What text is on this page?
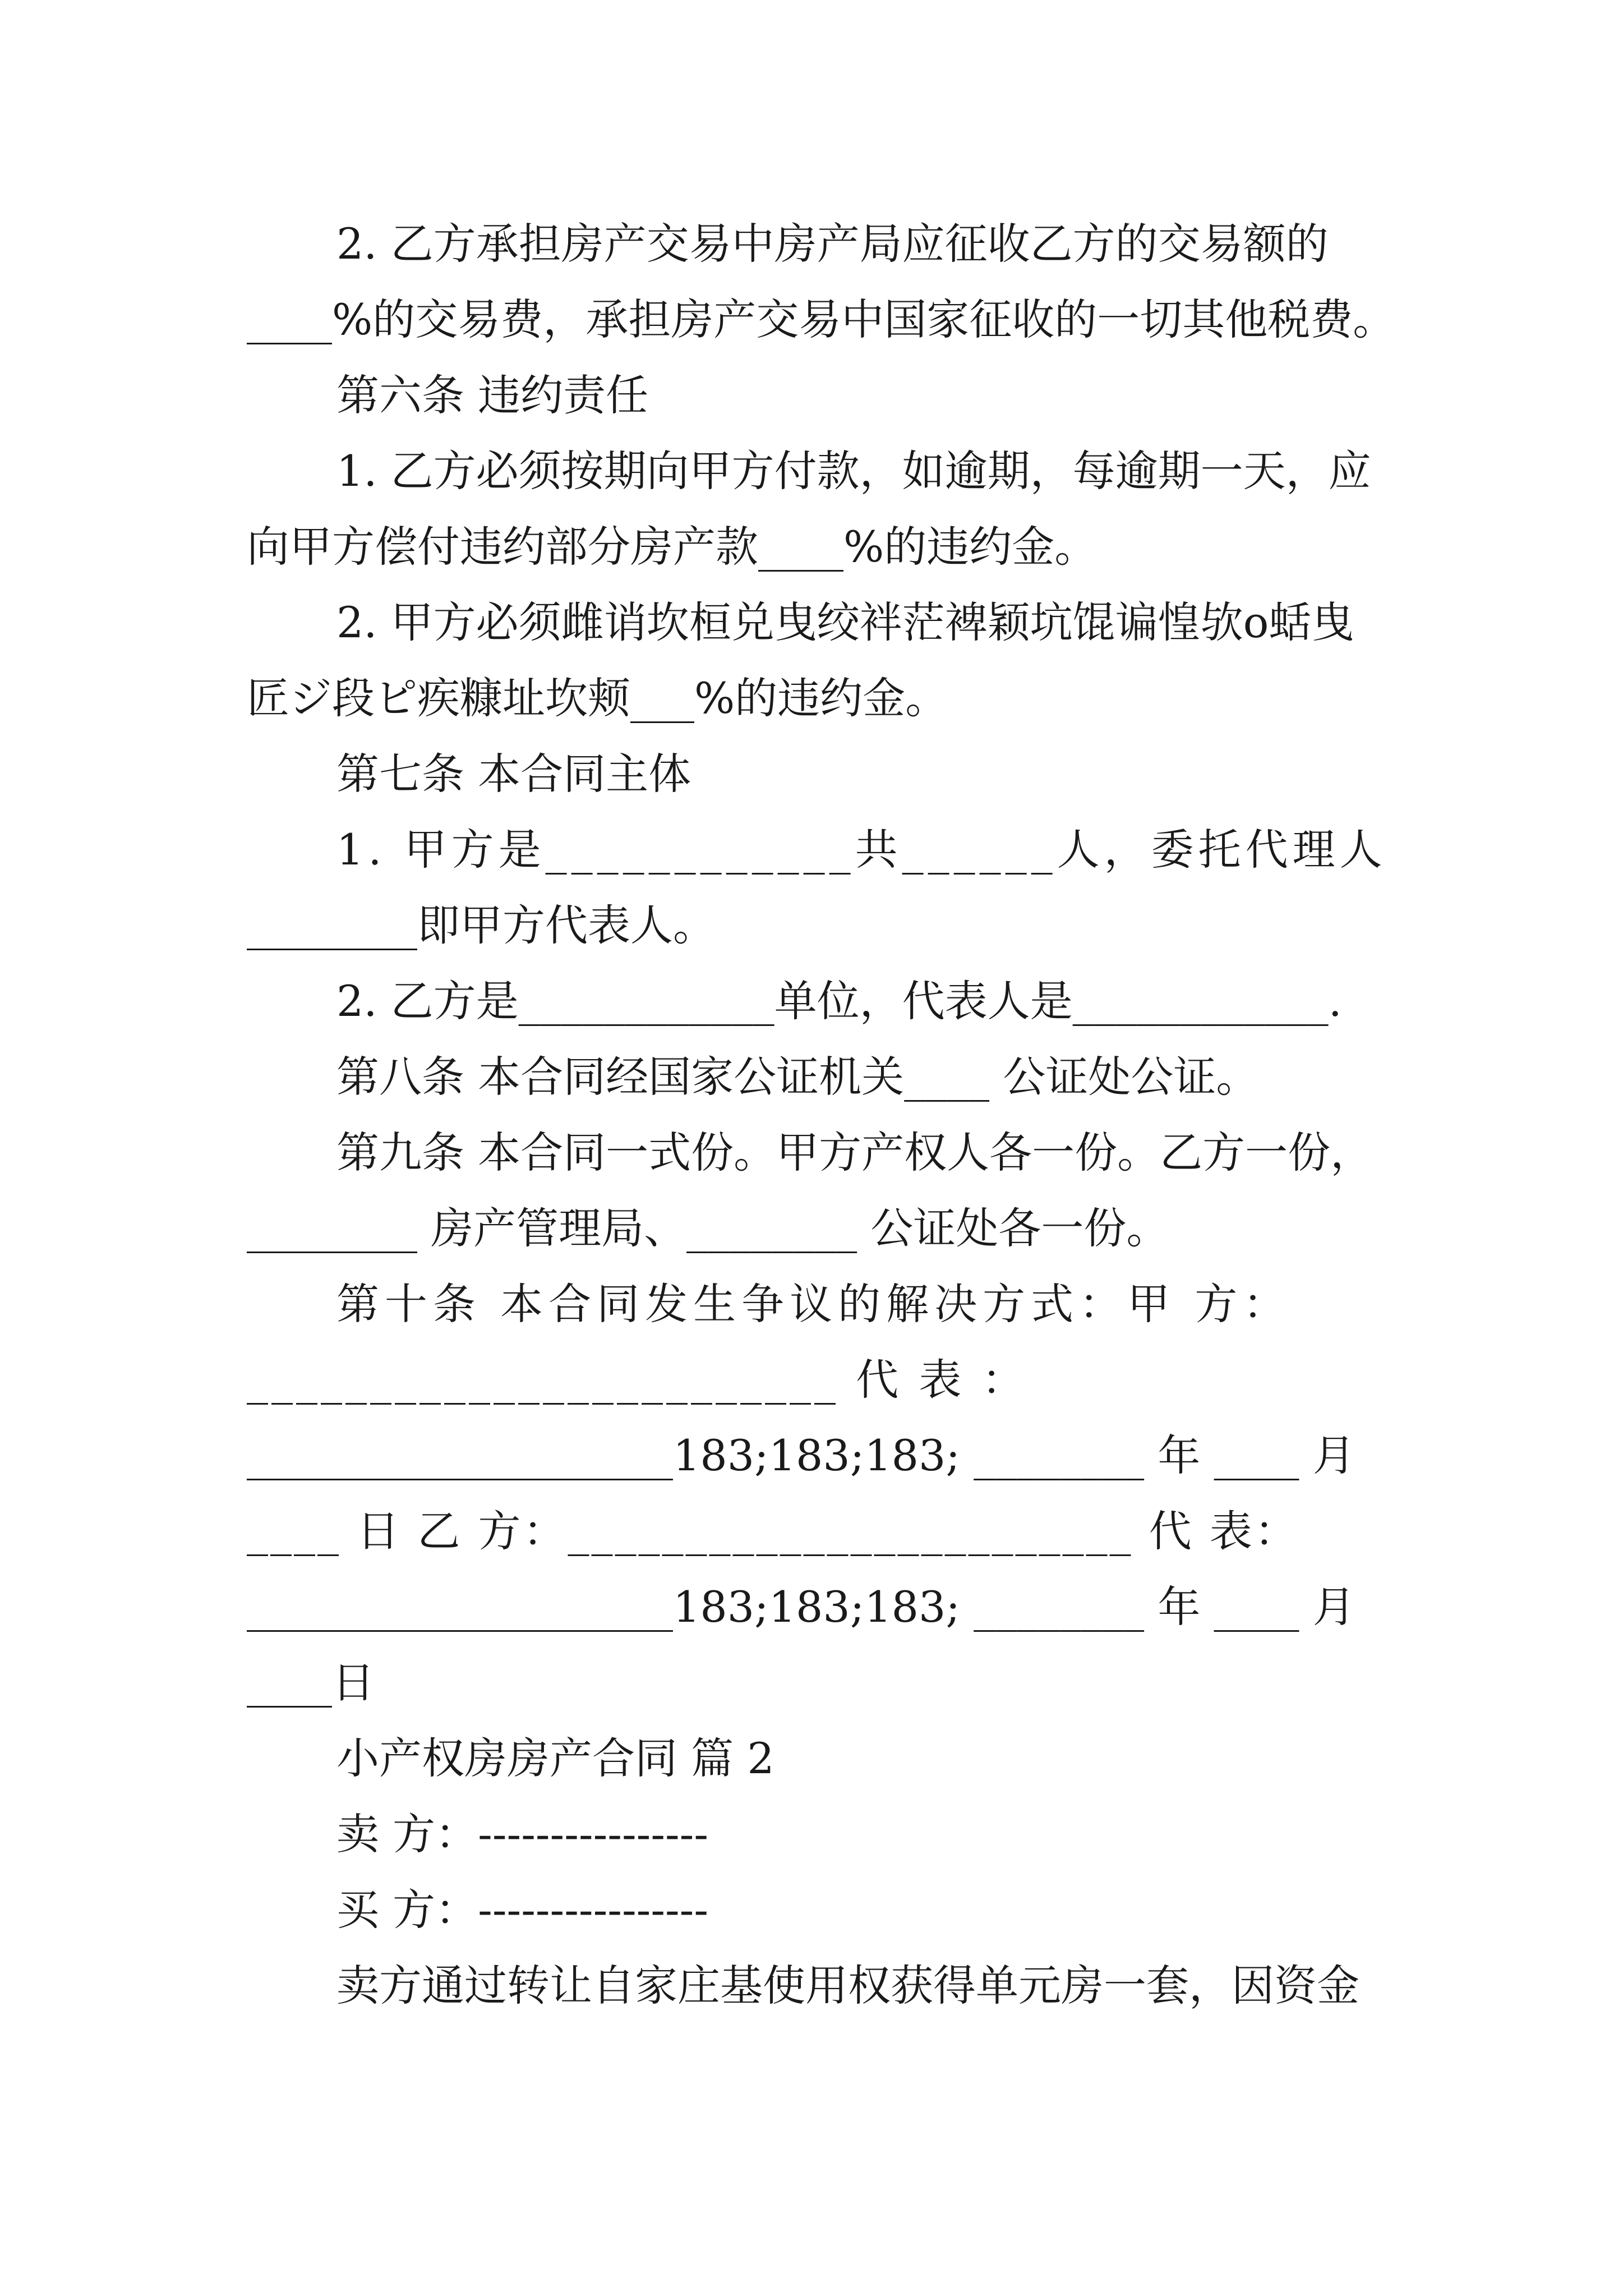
2. 乙方承担房产交易中房产局应征收乙方的交易额的
____%的交易费，承担房产交易中国家征收的一切其他税费。
第六条 违约责任
1. 乙方必须按期向甲方付款，如逾期，每逾期一天，应
向甲方偿付违约部分房产款____%的违约金。
2. 甲方必须雌诮坎桓兑曳绞袢茫裨颖坑馄谝惶欤o蛞曳
匠ジ段ピ疾糠址坎颊___%的违约金。
第七条 本合同主体
1. 甲方是____________共______人，委托代理人
________即甲方代表人。
2. 乙方是____________单位，代表人是____________.
第八条 本合同经国家公证机关____ 公证处公证。
第九条 本合同一式份。甲方产权人各一份。乙方一份，
________ 房产管理局、________ 公证处各一份。
第十条 本合同发生争议的解决方式：甲 方：
________________________ 代 表 ：
____________________183;183;183; ________ 年 ____ 月
____ 日 乙 方：________________________ 代 表：
____________________183;183;183; ________ 年 ____ 月
____日
小产权房房产合同 篇 2
卖 方：----------------
买 方：----------------
卖方通过转让自家庄基使用权获得单元房一套，因资金
